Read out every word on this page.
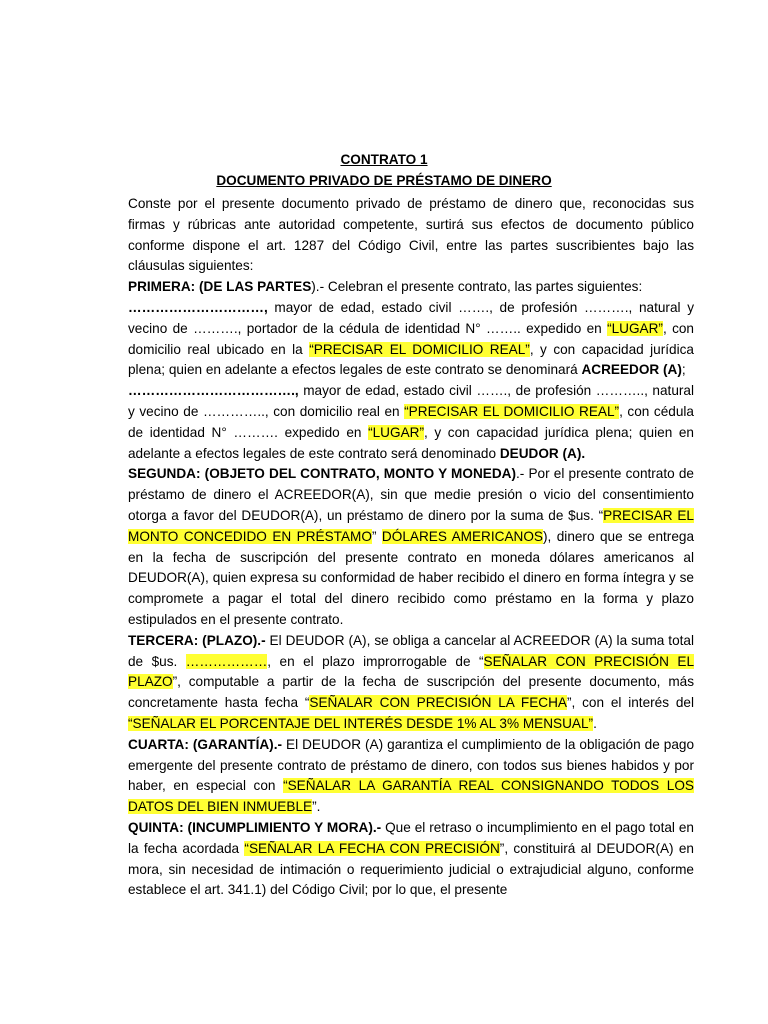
CONTRATO 1
DOCUMENTO PRIVADO DE PRÉSTAMO DE DINERO

Conste por el presente documento privado de préstamo de dinero que, reconocidas sus firmas y rúbricas ante autoridad competente, surtirá sus efectos de documento público conforme dispone el art. 1287 del Código Civil, entre las partes suscribientes bajo las cláusulas siguientes:

PRIMERA: (DE LAS PARTES).- Celebran el presente contrato, las partes siguientes:

…………………………, mayor de edad, estado civil ……., de profesión ………., natural y vecino de ………., portador de la cédula de identidad N° …….. expedido en “LUGAR”, con domicilio real ubicado en la “PRECISAR EL DOMICILIO REAL”, y con capacidad jurídica plena; quien en adelante a efectos legales de este contrato se denominará ACREEDOR (A);

………………………………., mayor de edad, estado civil ……., de profesión ……….., natural y vecino de ………….., con domicilio real en “PRECISAR EL DOMICILIO REAL”, con cédula de identidad N° ………. expedido en “LUGAR”, y con capacidad jurídica plena; quien en adelante a efectos legales de este contrato será denominado DEUDOR (A).

SEGUNDA: (OBJETO DEL CONTRATO, MONTO Y MONEDA).- Por el presente contrato de préstamo de dinero el ACREEDOR(A), sin que medie presión o vicio del consentimiento otorga a favor del DEUDOR(A), un préstamo de dinero por la suma de $us. “PRECISAR EL MONTO CONCEDIDO EN PRÉSTAMO” DÓLARES AMERICANOS), dinero que se entrega en la fecha de suscripción del presente contrato en moneda dólares americanos al DEUDOR(A), quien expresa su conformidad de haber recibido el dinero en forma íntegra y se compromete a pagar el total del dinero recibido como préstamo en la forma y plazo estipulados en el presente contrato.

TERCERA: (PLAZO).- El DEUDOR (A), se obliga a cancelar al ACREEDOR (A) la suma total de $us. ………………, en el plazo improrrogable de “SEÑALAR CON PRECISIÓN EL PLAZO”, computable a partir de la fecha de suscripción del presente documento, más concretamente hasta fecha “SEÑALAR CON PRECISIÓN LA FECHA”, con el interés del “SEÑALAR EL PORCENTAJE DEL INTERÉS DESDE 1% AL 3% MENSUAL”.

CUARTA: (GARANTÍA).- El DEUDOR (A) garantiza el cumplimiento de la obligación de pago emergente del presente contrato de préstamo de dinero, con todos sus bienes habidos y por haber, en especial con “SEÑALAR LA GARANTÍA REAL CONSIGNANDO TODOS LOS DATOS DEL BIEN INMUEBLE”.

QUINTA: (INCUMPLIMIENTO Y MORA).- Que el retraso o incumplimiento en el pago total en la fecha acordada “SEÑALAR LA FECHA CON PRECISIÓN”, constituirá al DEUDOR(A) en mora, sin necesidad de intimación o requerimiento judicial o extrajudicial alguno, conforme establece el art. 341.1) del Código Civil; por lo que, el presente
